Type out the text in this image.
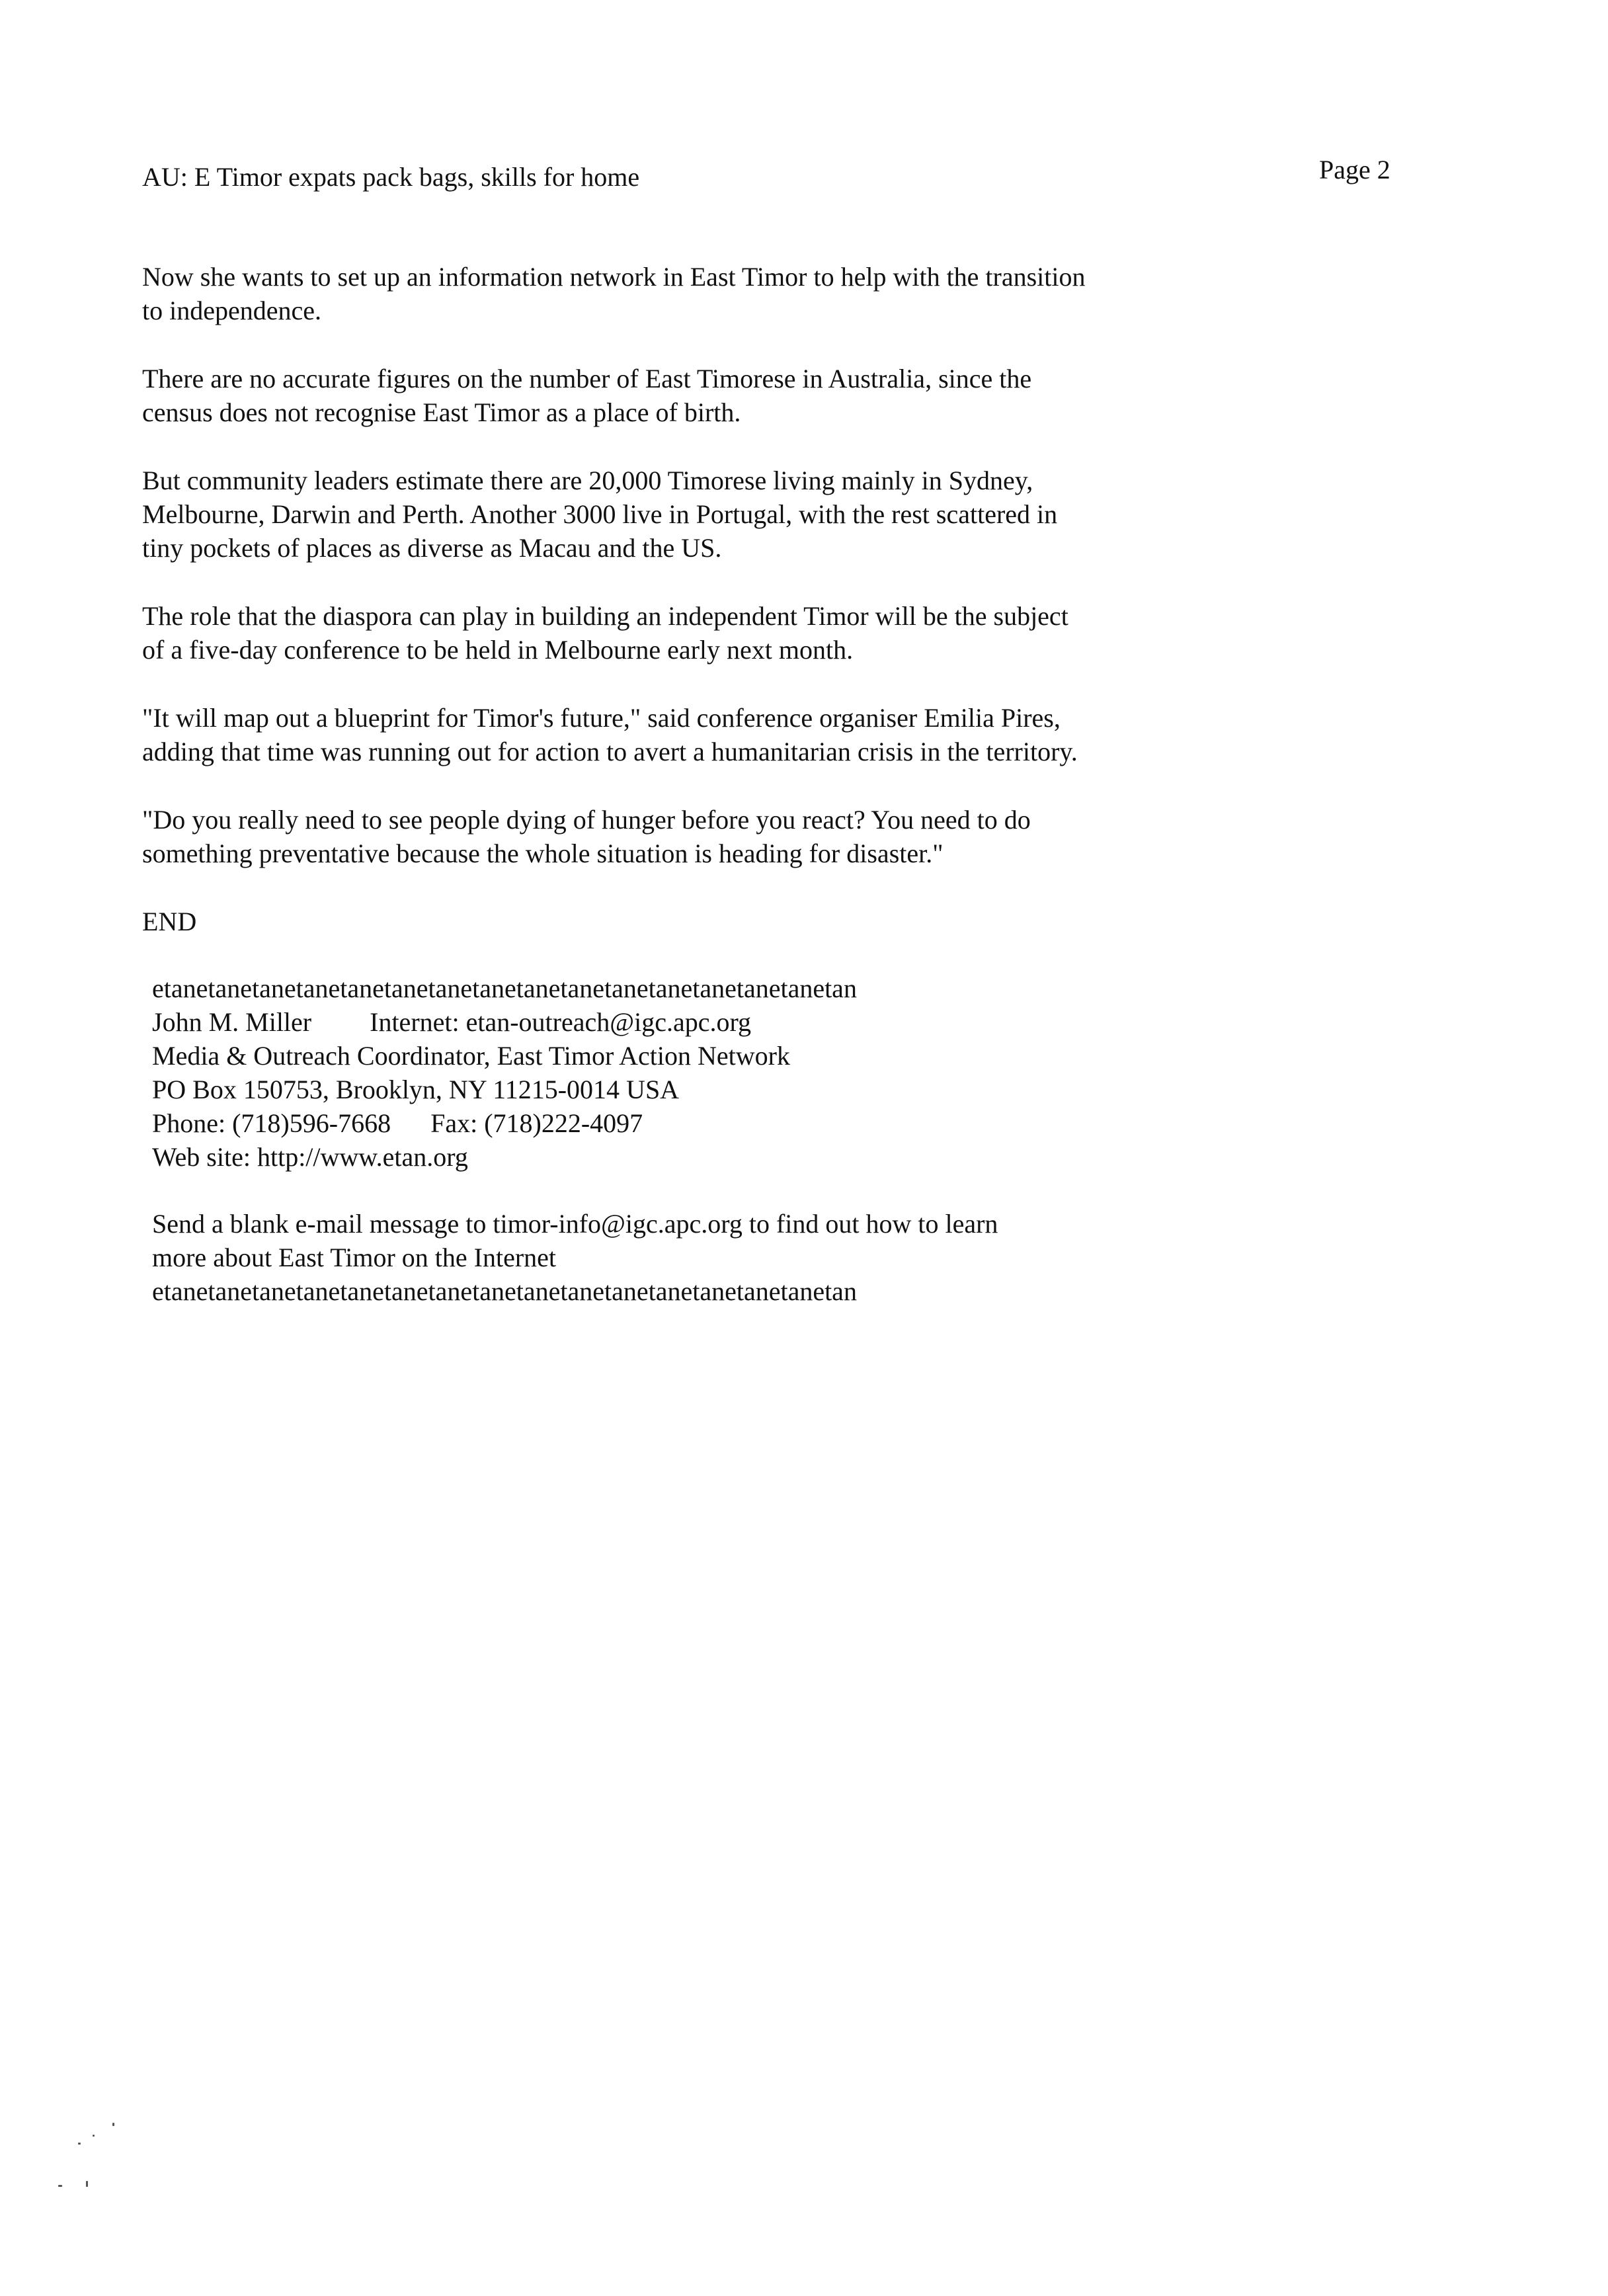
AU: E Timor expats pack bags, skills for home	Page 2

Now she wants to set up an information network in East Timor to help with the transition to independence.

There are no accurate figures on the number of East Timorese in Australia, since the census does not recognise East Timor as a place of birth.

But community leaders estimate there are 20,000 Timorese living mainly in Sydney, Melbourne, Darwin and Perth. Another 3000 live in Portugal, with the rest scattered in tiny pockets of places as diverse as Macau and the US.

The role that the diaspora can play in building an independent Timor will be the subject of a five-day conference to be held in Melbourne early next month.

"It will map out a blueprint for Timor's future," said conference organiser Emilia Pires, adding that time was running out for action to avert a humanitarian crisis in the territory.

"Do you really need to see people dying of hunger before you react? You need to do something preventative because the whole situation is heading for disaster."

END
etanetanetanetanetanetanetanetanetanetanetanetanetanetanetanetan
John M. Miller Internet: etan-outreach@igc.apc.org
Media & Outreach Coordinator, East Timor Action Network
PO Box 150753, Brooklyn, NY 11215-0014 USA
Phone: (718)596-7668 Fax: (718)222-4097
Web site: http://www.etan.org
Send a blank e-mail message to timor-info@igc.apc.org to find out how to learn
more about East Timor on the Internet
etanetanetanetanetanetanetanetanetanetanetanetanetanetanetanetan
